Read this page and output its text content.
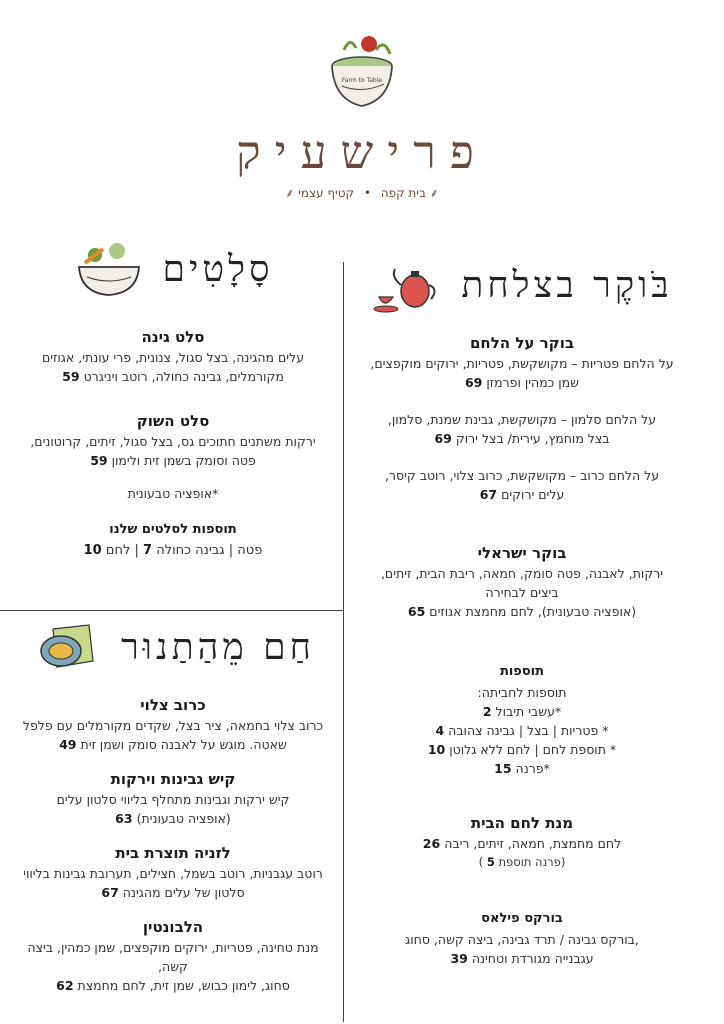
Farm to Table
פרישעיק
⸙ בית קפה • קטיף עצמי ⸙
בֹּוקֶר בצלחת
בוקר על הלחם
על הלחם פטריות – מקושקשת, פטריות, ירוקים מוקפצים,
שמן כמהין ופרמזן 69
על הלחם סלמון – מקושקשת, גבינת שמנת, סלמון,
בצל מוחמץ, עירית/ בצל ירוק 69
על הלחם כרוב – מקושקשת, כרוב צלוי, רוטב קיסר,
עלים ירוקים 67
בוקר ישראלי
ירקות, לאבנה, פטה סומק, חמאה, ריבת הבית, זיתים,
ביצים לבחירה
(אופציה טבעונית), לחם מחמצת אגוזים 65
תוספות
תוספות לחביתה:
*עשבי תיבול 2
* פטריות | בצל | גבינה צהובה 4
* תוספת לחם | לחם ללא גלוטן 10
*פרנה 15
מנת לחם הבית
לחם מחמצת, חמאה, זיתים, ריבה 26
(פרנה תוספת 5 )
בורקס פילאס
,בורקס גבינה / תרד גבינה, ביצה קשה, סחוג
עגבנייה מגורדת וטחינה 39
סָלָטִים
סלט גינה
עלים מהגינה, בצל סגול, צנונית, פרי עונתי, אגוזים
מקורמלים, גבינה כחולה, רוטב ויניגרט 59
סלט השוק
ירקות משתנים חתוכים גס, בצל סגול, זיתים, קרוטונים,
פטה וסומק בשמן זית ולימון 59
*אופציה טבעונית
תוספות לסלטים שלנו
פטה | גבינה כחולה 7 | לחם 10
חַם מֵהַתַנוּר
כרוב צלוי
כרוב צלוי בחמאה, ציר בצל, שקדים מקורמלים עם פלפל
שאטה. מוגש על לאבנה סומק ושמן זית 49
קיש גבינות וירקות
קיש ירקות וגבינות מתחלף בליווי סלטון עלים
(אופציה טבעונית) 63
לזניה תוצרת בית
רוטב עגבניות, רוטב בשמל, חצילים, תערובת גבינות בליווי
סלטון של עלים מהגינה 67
הלבונטין
מנת טחינה, פטריות, ירוקים מוקפצים, שמן כמהין, ביצה קשה,
סחוג, לימון כבוש, שמן זית, לחם מחמצת 62
